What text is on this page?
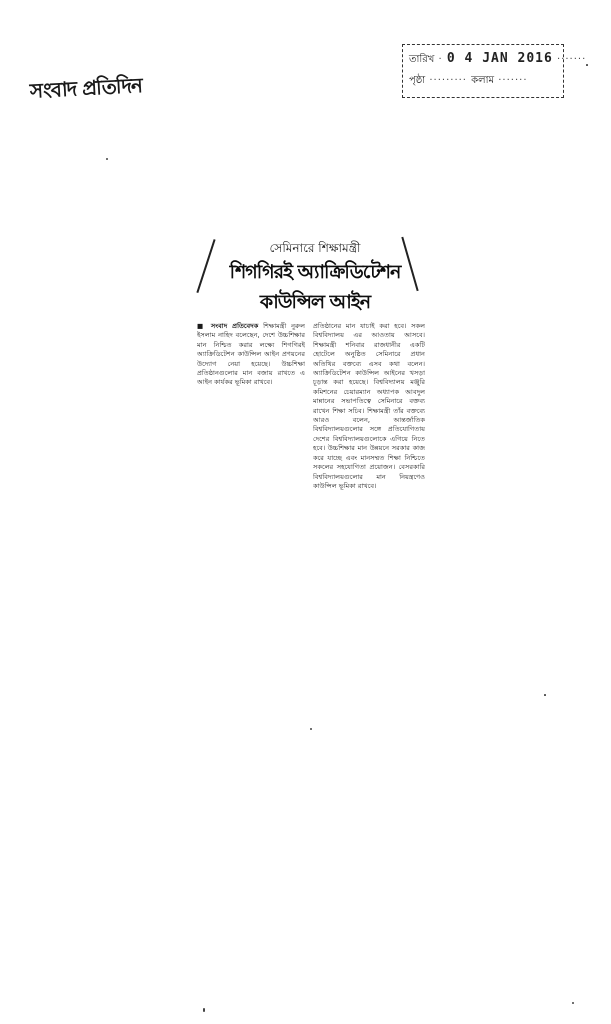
সংবাদ প্রতিদিন
তারিখ · 0 4 JAN 2016 ·······
পৃষ্ঠা ········· কলাম ·······
সেমিনারে শিক্ষামন্ত্রী
শিগগিরই অ্যাক্রিডিটেশন
কাউন্সিল আইন
■ সংবাদ প্রতিবেদক শিক্ষামন্ত্রী নুরুল ইসলাম নাহিদ বলেছেন, দেশে উচ্চশিক্ষার মান নিশ্চিত করার লক্ষ্যে শিগগিরই অ্যাক্রিডিটেশন কাউন্সিল আইন প্রণয়নের উদ্যোগ নেয়া হয়েছে। উচ্চশিক্ষা প্রতিষ্ঠানগুলোর মান বজায় রাখতে এ আইন কার্যকর ভূমিকা রাখবে।
প্রতিষ্ঠানের মান যাচাই করা হবে। সকল বিশ্ববিদ্যালয় এর আওতায় আসবে। শিক্ষামন্ত্রী শনিবার রাজধানীর একটি হোটেলে অনুষ্ঠিত সেমিনারে প্রধান অতিথির বক্তব্যে এসব কথা বলেন। অ্যাক্রিডিটেশন কাউন্সিল আইনের খসড়া চূড়ান্ত করা হয়েছে। বিশ্ববিদ্যালয় মঞ্জুরি কমিশনের চেয়ারম্যান অধ্যাপক আবদুল মান্নানের সভাপতিত্বে সেমিনারে বক্তব্য রাখেন শিক্ষা সচিব। শিক্ষামন্ত্রী তাঁর বক্তব্যে আরও বলেন, আন্তর্জাতিক বিশ্ববিদ্যালয়গুলোর সঙ্গে প্রতিযোগিতায় দেশের বিশ্ববিদ্যালয়গুলোকে এগিয়ে নিতে হবে। উচ্চশিক্ষার মান উন্নয়নে সরকার কাজ করে যাচ্ছে এবং মানসম্মত শিক্ষা নিশ্চিতে সকলের সহযোগিতা প্রয়োজন। বেসরকারি বিশ্ববিদ্যালয়গুলোর মান নিয়ন্ত্রণেও কাউন্সিল ভূমিকা রাখবে।
